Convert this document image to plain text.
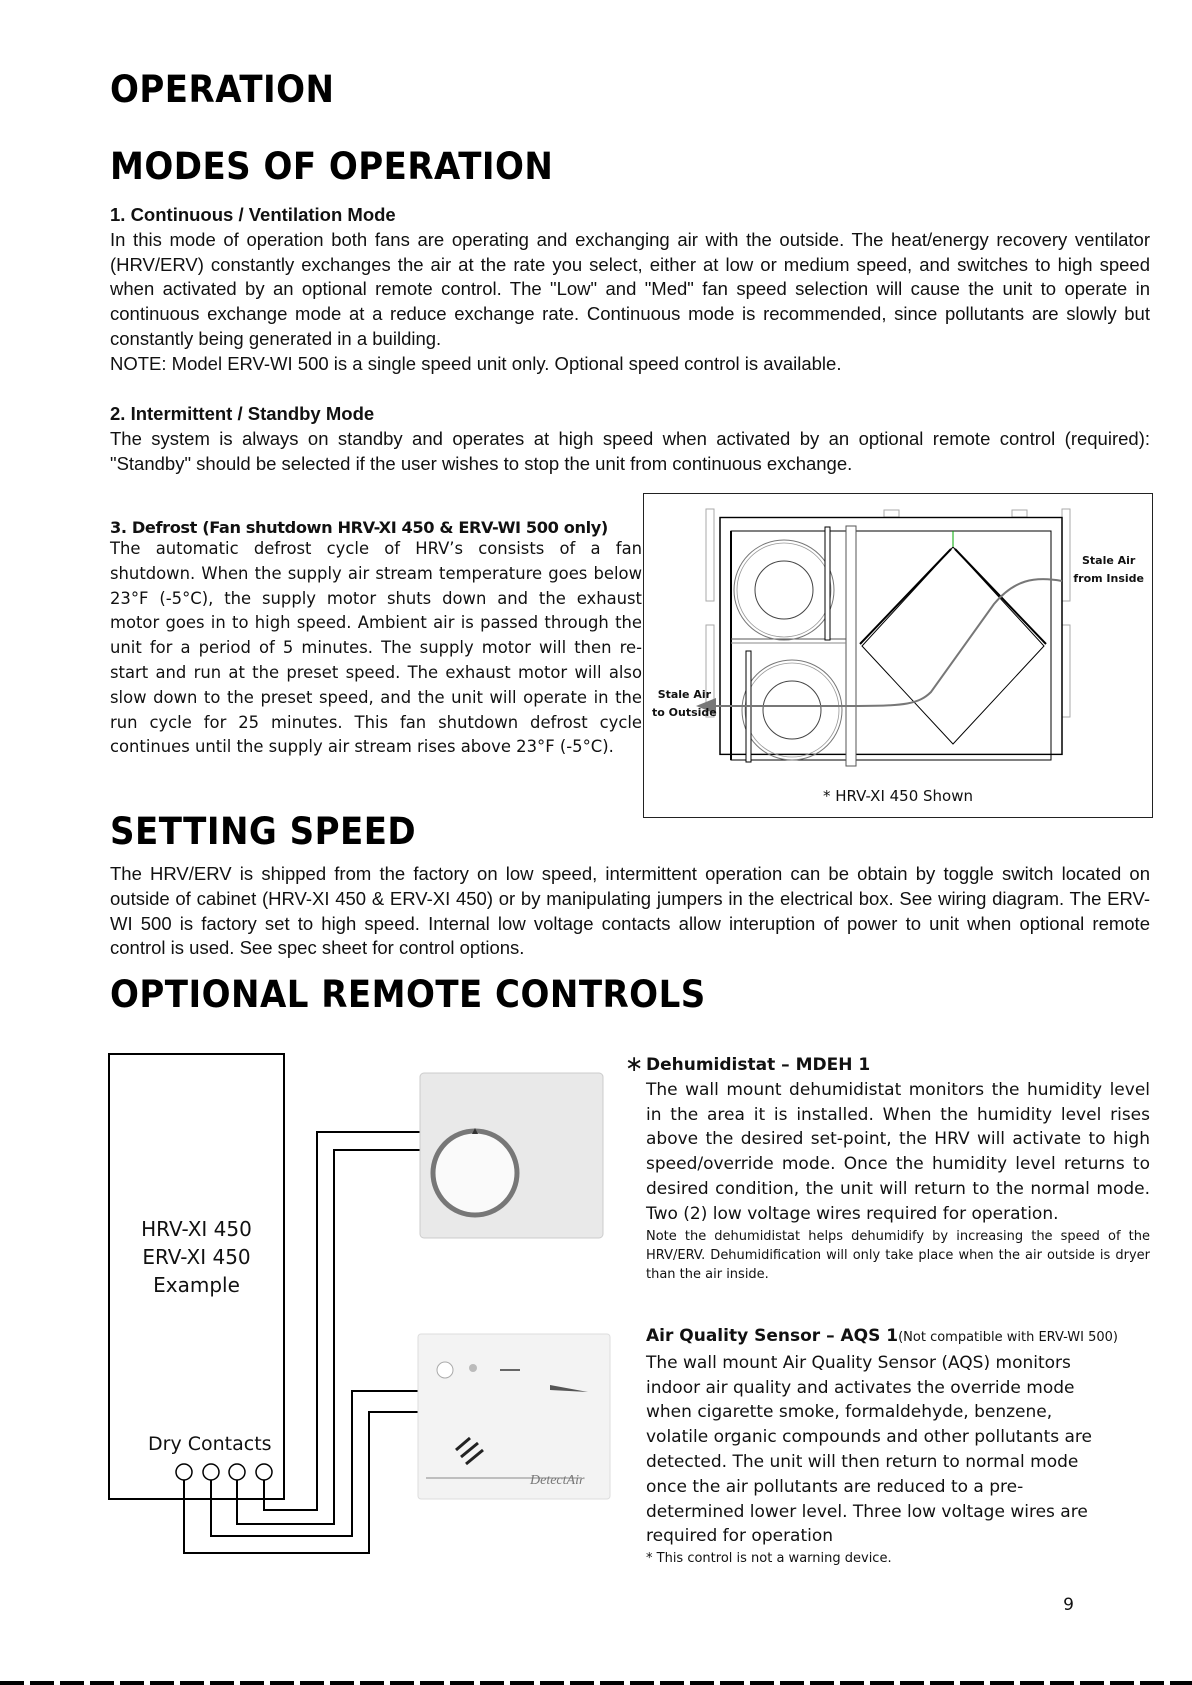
OPERATION
MODES OF OPERATION

1. Continuous / Ventilation Mode

In this mode of operation both fans are operating and exchanging air with the outside. The heat/energy recovery ventilator (HRV/ERV) constantly exchanges the air at the rate you select, either at low or medium speed, and switches to high speed when activated by an optional remote control. The "Low" and "Med" fan speed selection will cause the unit to operate in continuous exchange mode at a reduce exchange rate. Continuous mode is recommended, since pollutants are slowly but constantly being generated in a building.

NOTE: Model ERV-WI 500 is a single speed unit only. Optional speed control is available.

2. Intermittent / Standby Mode

The system is always on standby and operates at high speed when activated by an optional remote control (required): "Standby" should be selected if the user wishes to stop the unit from continuous exchange.

3. Defrost (Fan shutdown HRV-XI 450 & ERV-WI 500 only)

The automatic defrost cycle of HRV’s consists of a fan shutdown. When the supply air stream temperature goes below 23°F (-5°C), the supply motor shuts down and the exhaust motor goes in to high speed. Ambient air is passed through the unit for a period of 5 minutes. The supply motor will then re-start and run at the preset speed. The exhaust motor will also slow down to the preset speed, and the unit will operate in the run cycle for 25 minutes. This fan shutdown defrost cycle continues until the supply air stream rises above 23°F (-5°C).

Stale Air
from Inside
Stale Air
to Outside
* HRV-XI 450 Shown
SETTING SPEED

The HRV/ERV is shipped from the factory on low speed, intermittent operation can be obtain by toggle switch located on outside of cabinet (HRV-XI 450 & ERV-XI 450) or by manipulating jumpers in the electrical box. See wiring diagram. The ERV-WI 500 is factory set to high speed. Internal low voltage contacts allow interuption of power to unit when optional remote control is used. See spec sheet for control options.

OPTIONAL REMOTE CONTROLS
HRV-XI 450
ERV-XI 450
Example
Dry Contacts
DetectAir
∗ Dehumidistat – MDEH 1

The wall mount dehumidistat monitors the humidity level in the area it is installed. When the humidity level rises above the desired set-point, the HRV will activate to high speed/override mode. Once the humidity level returns to desired condition, the unit will return to the normal mode. Two (2) low voltage wires required for operation.

Note the dehumidistat helps dehumidify by increasing the speed of the HRV/ERV. Dehumidification will only take place when the air outside is dryer than the air inside.

Air Quality Sensor – AQS 1(Not compatible with ERV-WI 500)

The wall mount Air Quality Sensor (AQS) monitors indoor air quality and activates the override mode when cigarette smoke, formaldehyde, benzene, volatile organic compounds and other pollutants are detected. The unit will then return to normal mode once the air pollutants are reduced to a pre-determined lower level. Three low voltage wires are required for operation

* This control is not a warning device.

9
